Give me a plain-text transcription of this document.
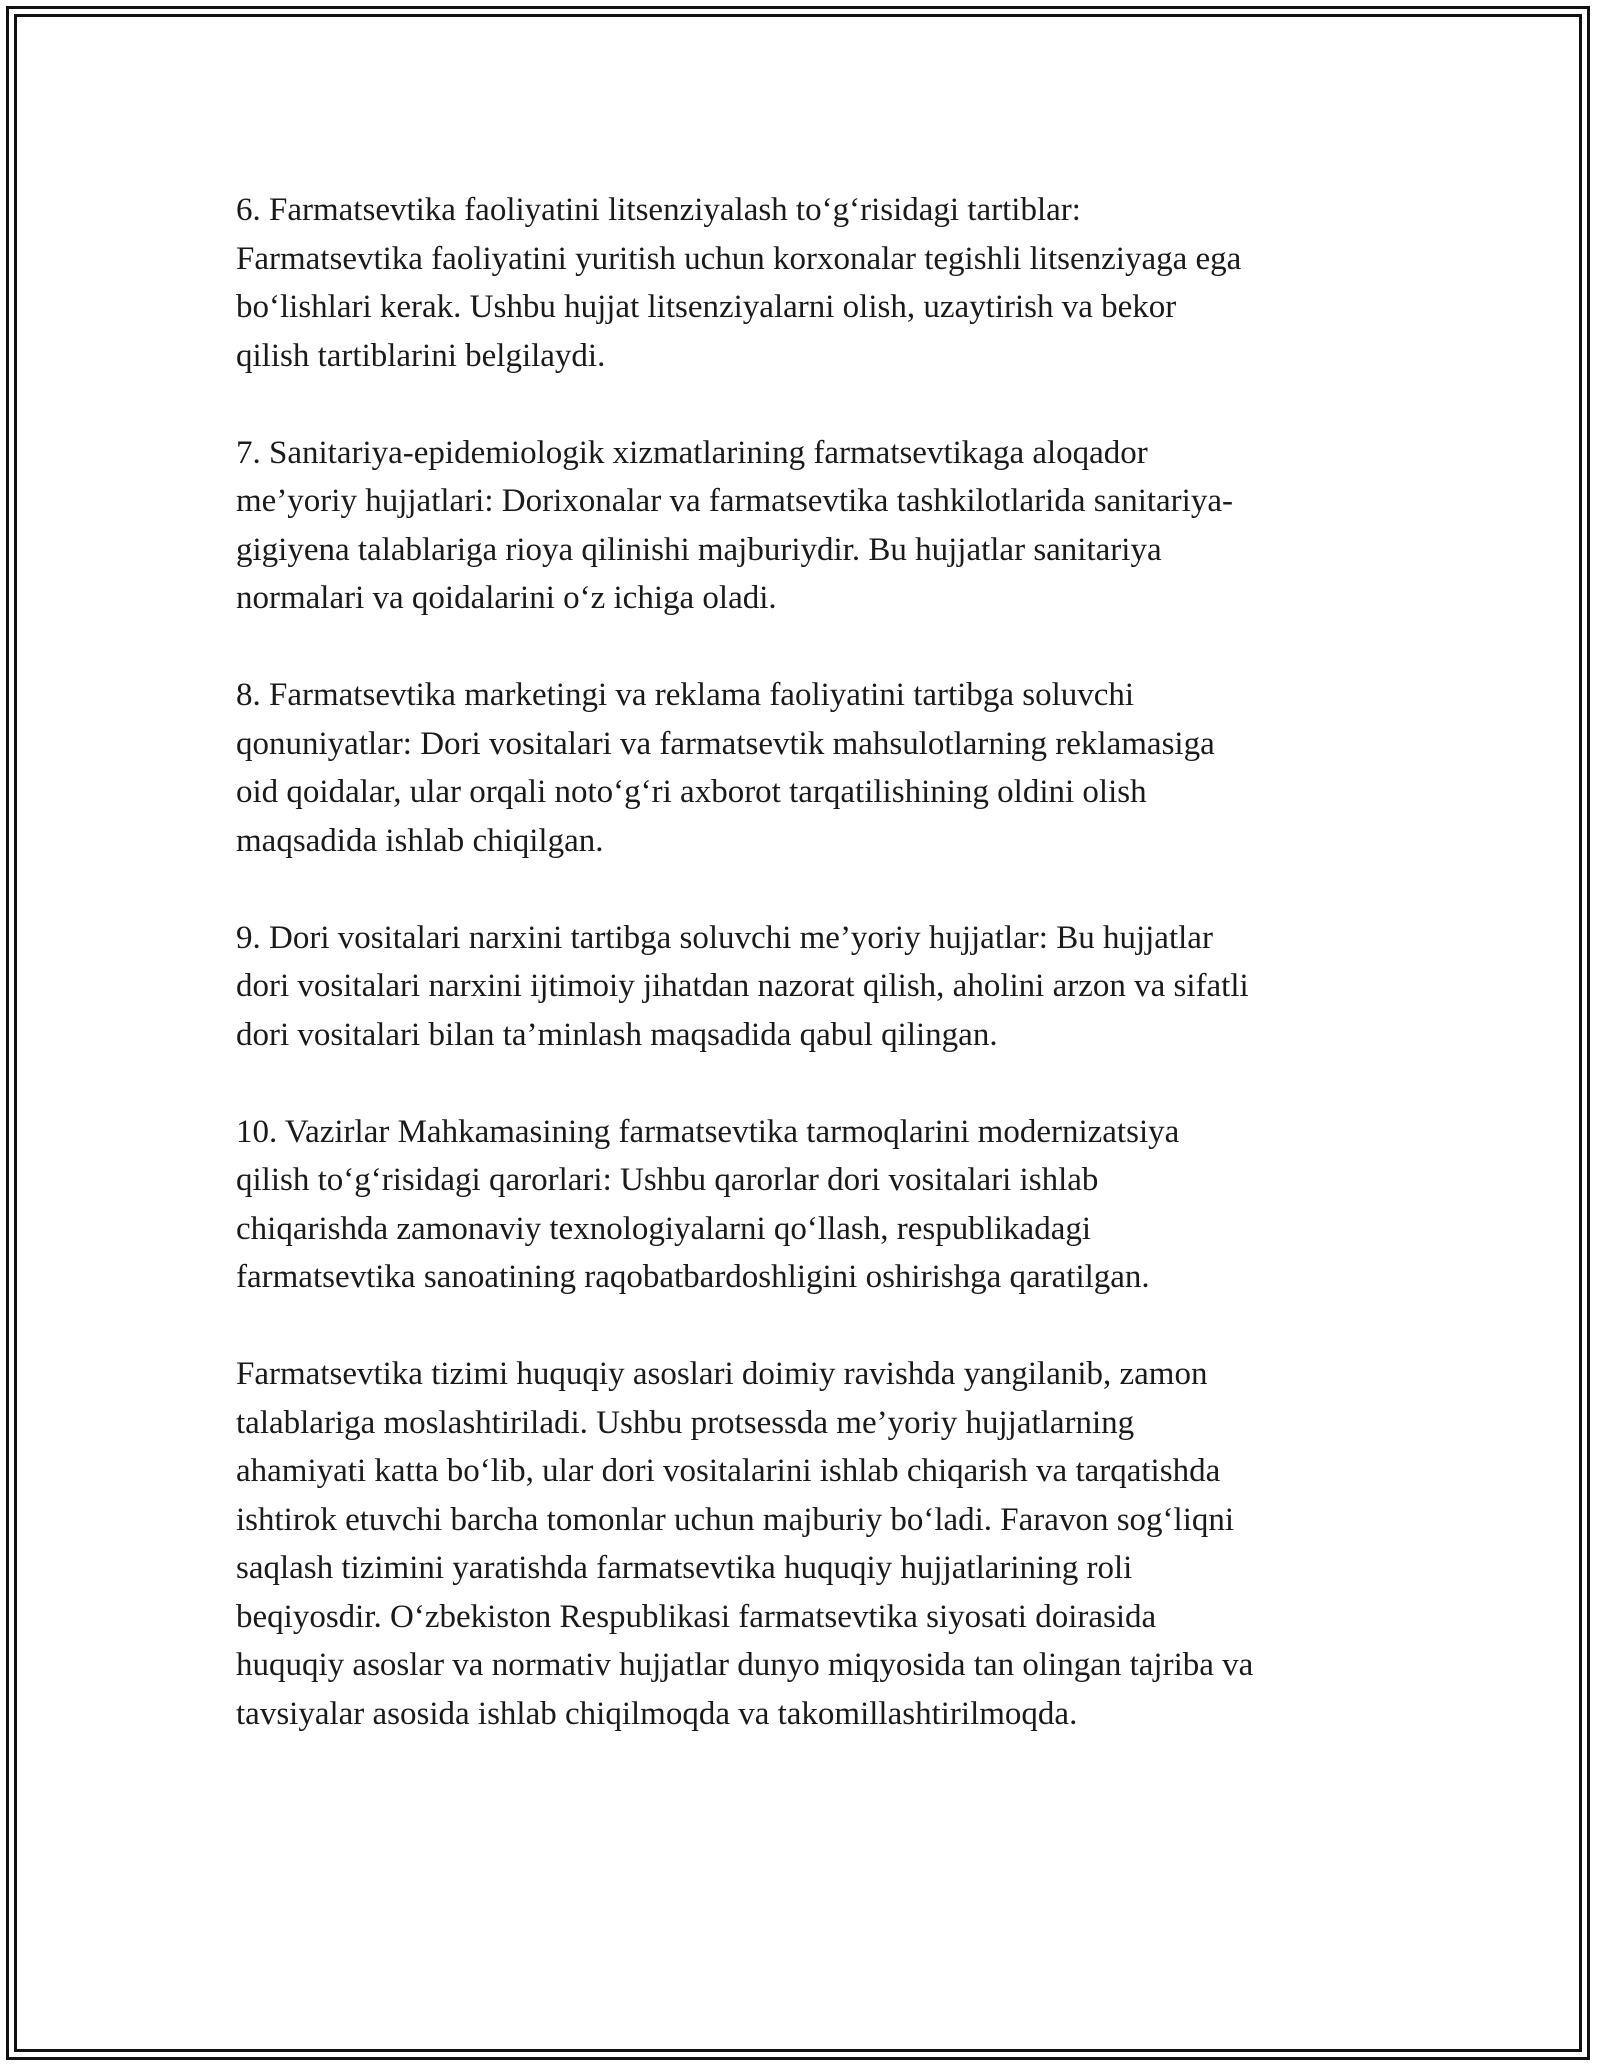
6. Farmatsevtika faoliyatini litsenziyalash to‘g‘risidagi tartiblar:
Farmatsevtika faoliyatini yuritish uchun korxonalar tegishli litsenziyaga ega
bo‘lishlari kerak. Ushbu hujjat litsenziyalarni olish, uzaytirish va bekor
qilish tartiblarini belgilaydi.

7. Sanitariya-epidemiologik xizmatlarining farmatsevtikaga aloqador
me’yoriy hujjatlari: Dorixonalar va farmatsevtika tashkilotlarida sanitariya-
gigiyena talablariga rioya qilinishi majburiydir. Bu hujjatlar sanitariya
normalari va qoidalarini o‘z ichiga oladi.

8. Farmatsevtika marketingi va reklama faoliyatini tartibga soluvchi
qonuniyatlar: Dori vositalari va farmatsevtik mahsulotlarning reklamasiga
oid qoidalar, ular orqali noto‘g‘ri axborot tarqatilishining oldini olish
maqsadida ishlab chiqilgan.

9. Dori vositalari narxini tartibga soluvchi me’yoriy hujjatlar: Bu hujjatlar
dori vositalari narxini ijtimoiy jihatdan nazorat qilish, aholini arzon va sifatli
dori vositalari bilan ta’minlash maqsadida qabul qilingan.

10. Vazirlar Mahkamasining farmatsevtika tarmoqlarini modernizatsiya
qilish to‘g‘risidagi qarorlari: Ushbu qarorlar dori vositalari ishlab
chiqarishda zamonaviy texnologiyalarni qo‘llash, respublikadagi
farmatsevtika sanoatining raqobatbardoshligini oshirishga qaratilgan.

Farmatsevtika tizimi huquqiy asoslari doimiy ravishda yangilanib, zamon
talablariga moslashtiriladi. Ushbu protsessda me’yoriy hujjatlarning
ahamiyati katta bo‘lib, ular dori vositalarini ishlab chiqarish va tarqatishda
ishtirok etuvchi barcha tomonlar uchun majburiy bo‘ladi. Faravon sog‘liqni
saqlash tizimini yaratishda farmatsevtika huquqiy hujjatlarining roli
beqiyosdir. O‘zbekiston Respublikasi farmatsevtika siyosati doirasida
huquqiy asoslar va normativ hujjatlar dunyo miqyosida tan olingan tajriba va
tavsiyalar asosida ishlab chiqilmoqda va takomillashtirilmoqda.
